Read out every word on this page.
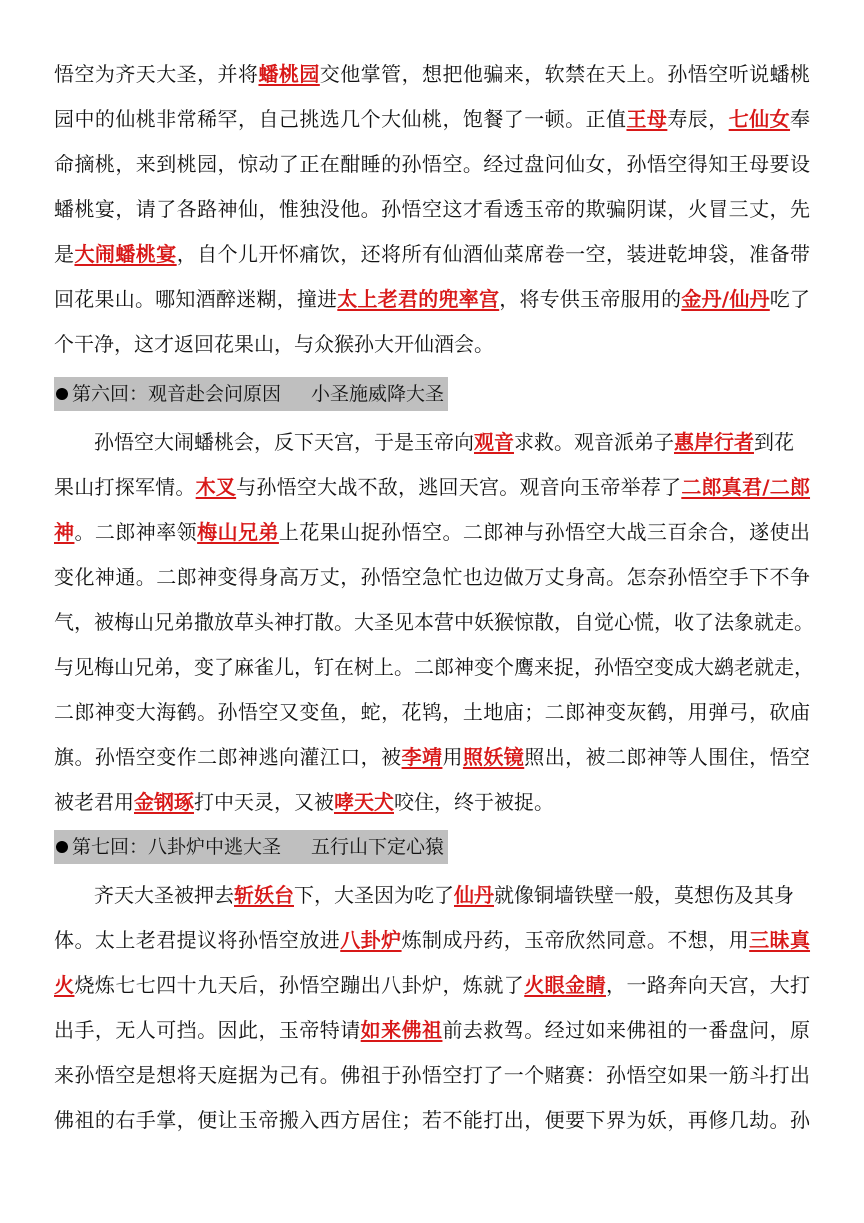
悟空为齐天大圣，并将蟠桃园交他掌管，想把他骗来，软禁在天上。孙悟空听说蟠桃
园中的仙桃非常稀罕，自己挑选几个大仙桃，饱餐了一顿。正值王母寿辰，七仙女奉
命摘桃，来到桃园，惊动了正在酣睡的孙悟空。经过盘问仙女，孙悟空得知王母要设
蟠桃宴，请了各路神仙，惟独没他。孙悟空这才看透玉帝的欺骗阴谋，火冒三丈，先
是大闹蟠桃宴，自个儿开怀痛饮，还将所有仙酒仙菜席卷一空，装进乾坤袋，准备带
回花果山。哪知酒醉迷糊，撞进太上老君的兜率宫，将专供玉帝服用的金丹/仙丹吃了
个干净，这才返回花果山，与众猴孙大开仙酒会。
孙悟空大闹蟠桃会，反下天宫，于是玉帝向观音求救。观音派弟子惠岸行者到花
果山打探军情。木叉与孙悟空大战不敌，逃回天宫。观音向玉帝举荐了二郎真君/二郎
神。二郎神率领梅山兄弟上花果山捉孙悟空。二郎神与孙悟空大战三百余合，遂使出
变化神通。二郎神变得身高万丈，孙悟空急忙也边做万丈身高。怎奈孙悟空手下不争
气，被梅山兄弟撒放草头神打散。大圣见本营中妖猴惊散，自觉心慌，收了法象就走。
与见梅山兄弟，变了麻雀儿，钉在树上。二郎神变个鹰来捉，孙悟空变成大鹚老就走，
二郎神变大海鹤。孙悟空又变鱼，蛇，花鸨，土地庙；二郎神变灰鹤，用弹弓，砍庙
旗。孙悟空变作二郎神逃向灌江口，被李靖用照妖镜照出，被二郎神等人围住，悟空
被老君用金钢琢打中天灵，又被哮天犬咬住，终于被捉。
齐天大圣被押去斩妖台下，大圣因为吃了仙丹就像铜墙铁壁一般，莫想伤及其身
体。太上老君提议将孙悟空放进八卦炉炼制成丹药，玉帝欣然同意。不想，用三昧真
火烧炼七七四十九天后，孙悟空蹦出八卦炉，炼就了火眼金睛，一路奔向天宫，大打
出手，无人可挡。因此，玉帝特请如来佛祖前去救驾。经过如来佛祖的一番盘问，原
来孙悟空是想将天庭据为己有。佛祖于孙悟空打了一个赌赛：孙悟空如果一筋斗打出
佛祖的右手掌，便让玉帝搬入西方居住；若不能打出，便要下界为妖，再修几劫。孙
第六回：观音赴会问原因 小圣施威降大圣
第七回：八卦炉中逃大圣 五行山下定心猿
